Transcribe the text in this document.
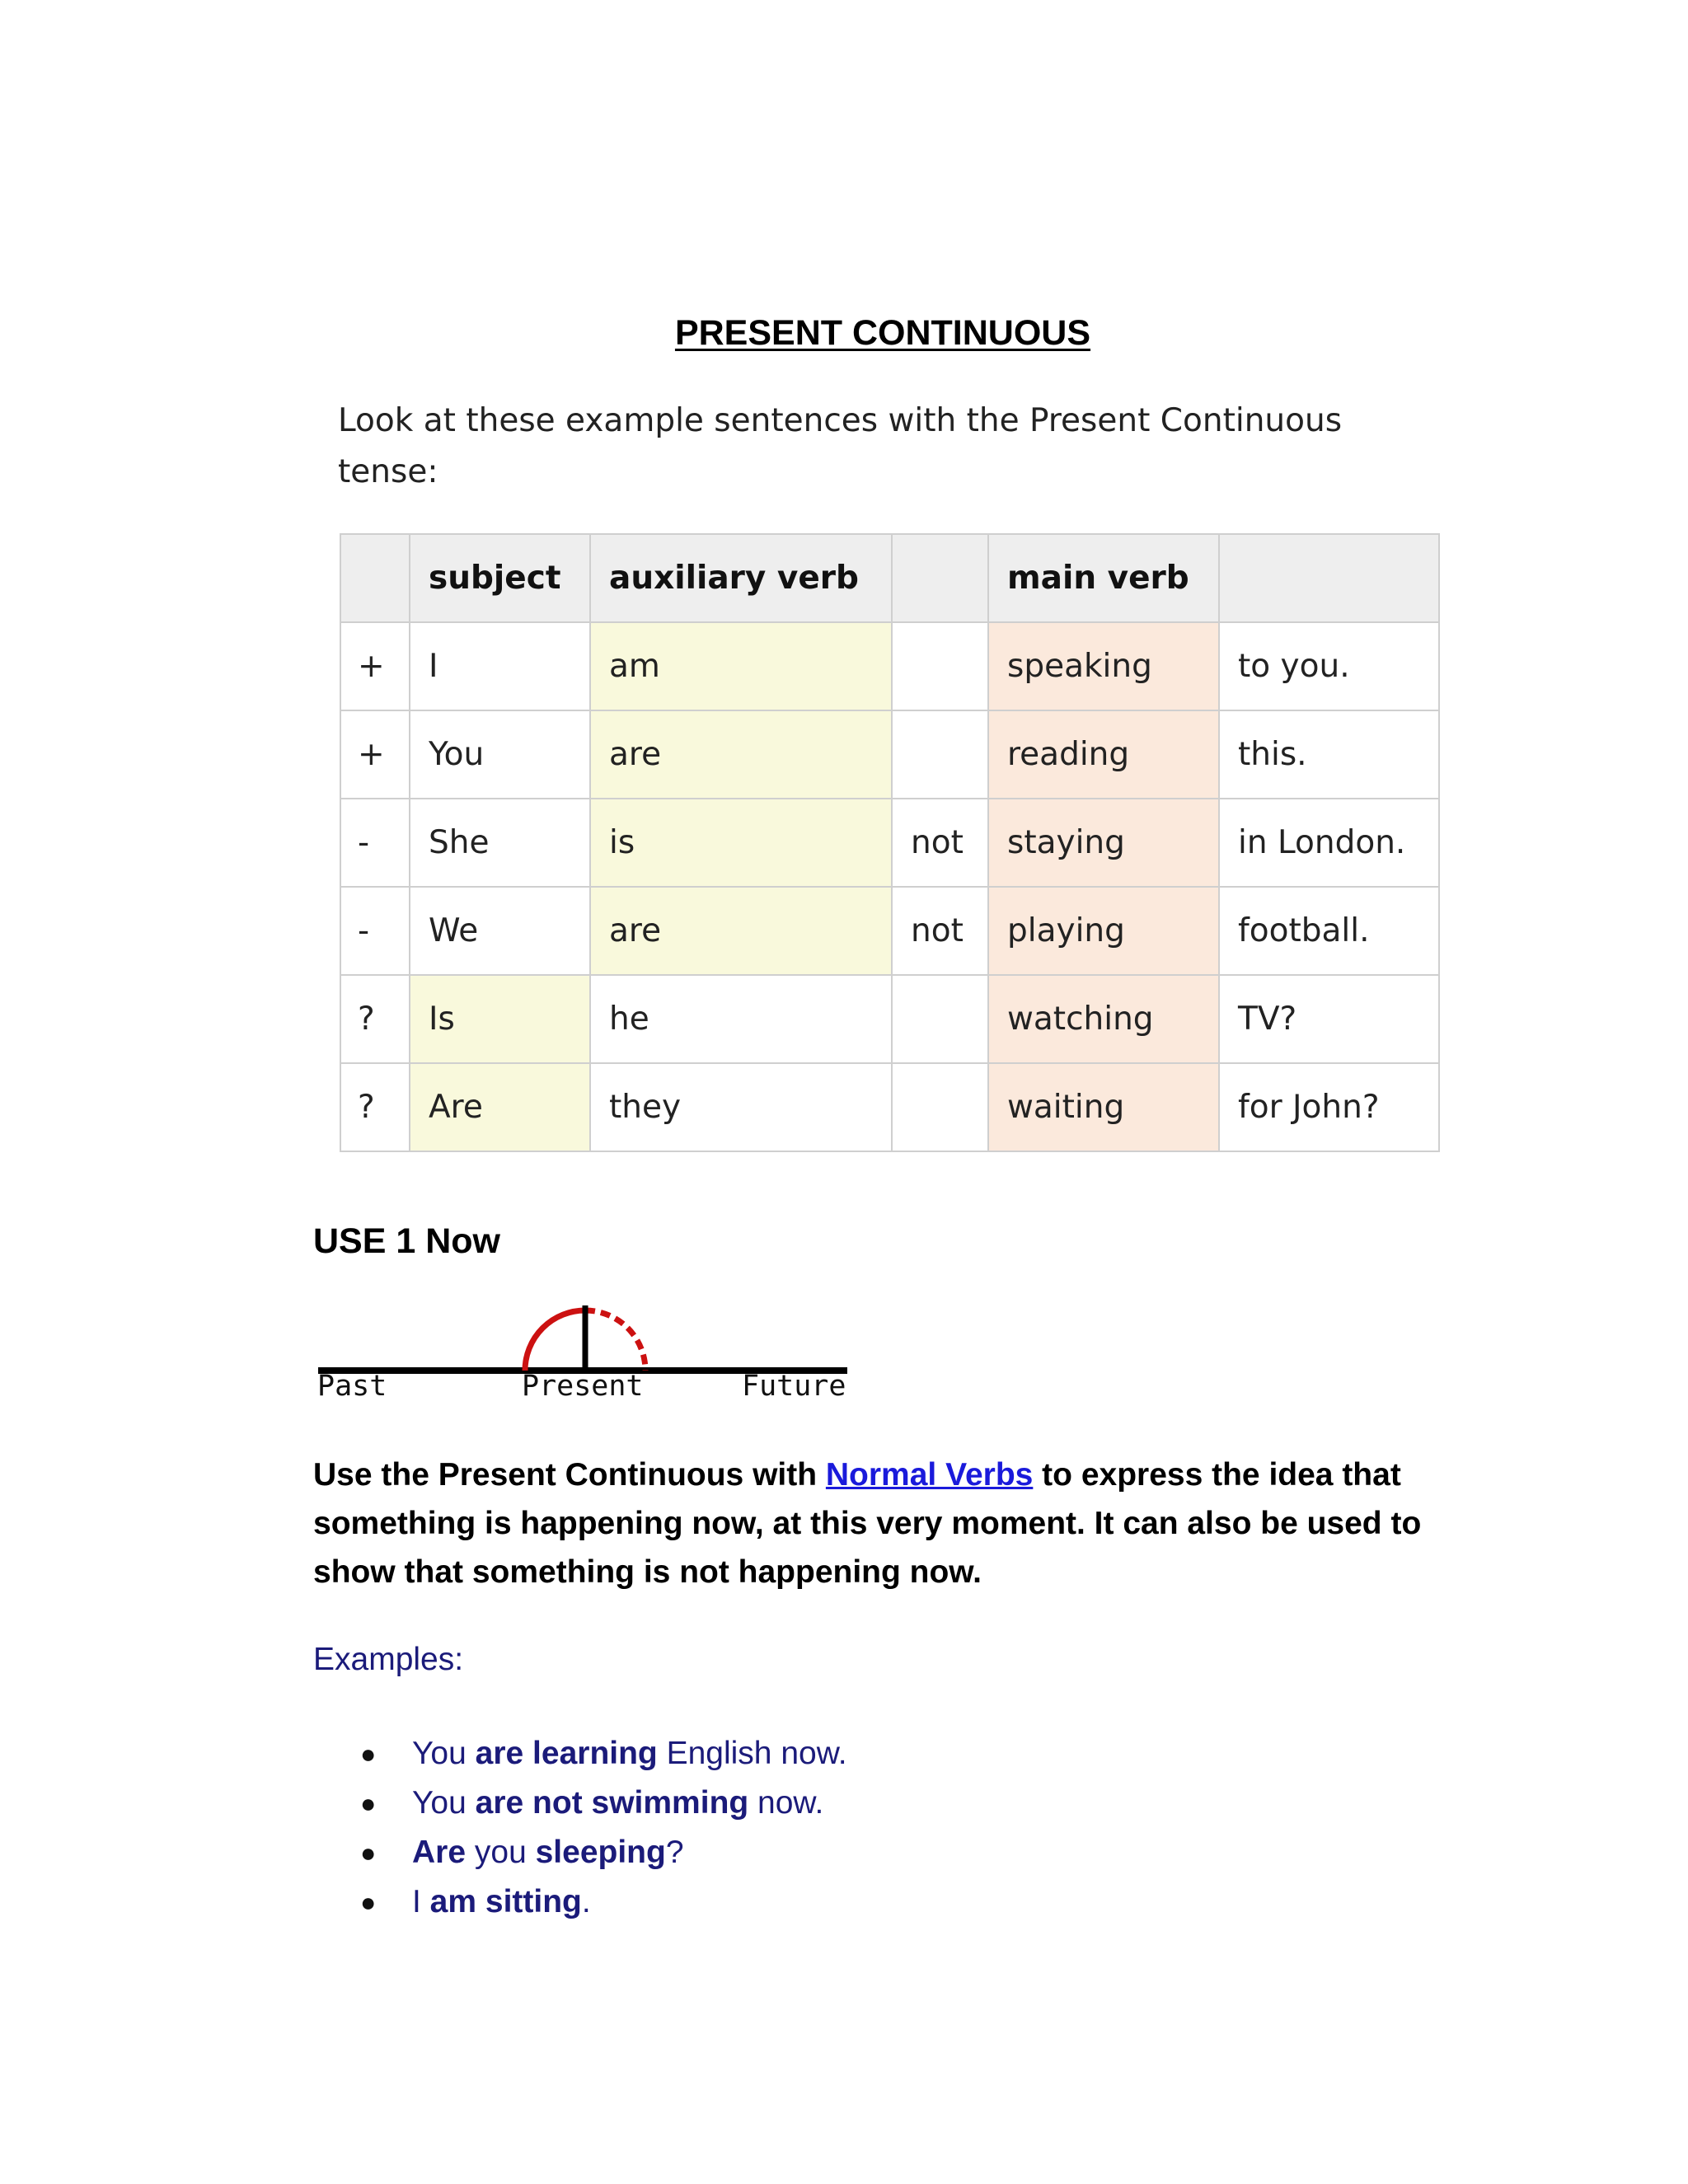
PRESENT CONTINUOUS
Look at these example sentences with the Present Continuous tense:
	subject	auxiliary verb		main verb	
+	I	am		speaking	to you.
+	You	are		reading	this.
-	She	is	not	staying	in London.
-	We	are	not	playing	football.
?	Is	he		watching	TV?
?	Are	they		waiting	for John?
USE 1 Now
Past	Present	Future
Use the Present Continuous with Normal Verbs to express the idea that something is happening now, at this very moment. It can also be used to show that something is not happening now.
Examples:
● You are learning English now.
● You are not swimming now.
● Are you sleeping?
● I am sitting.
